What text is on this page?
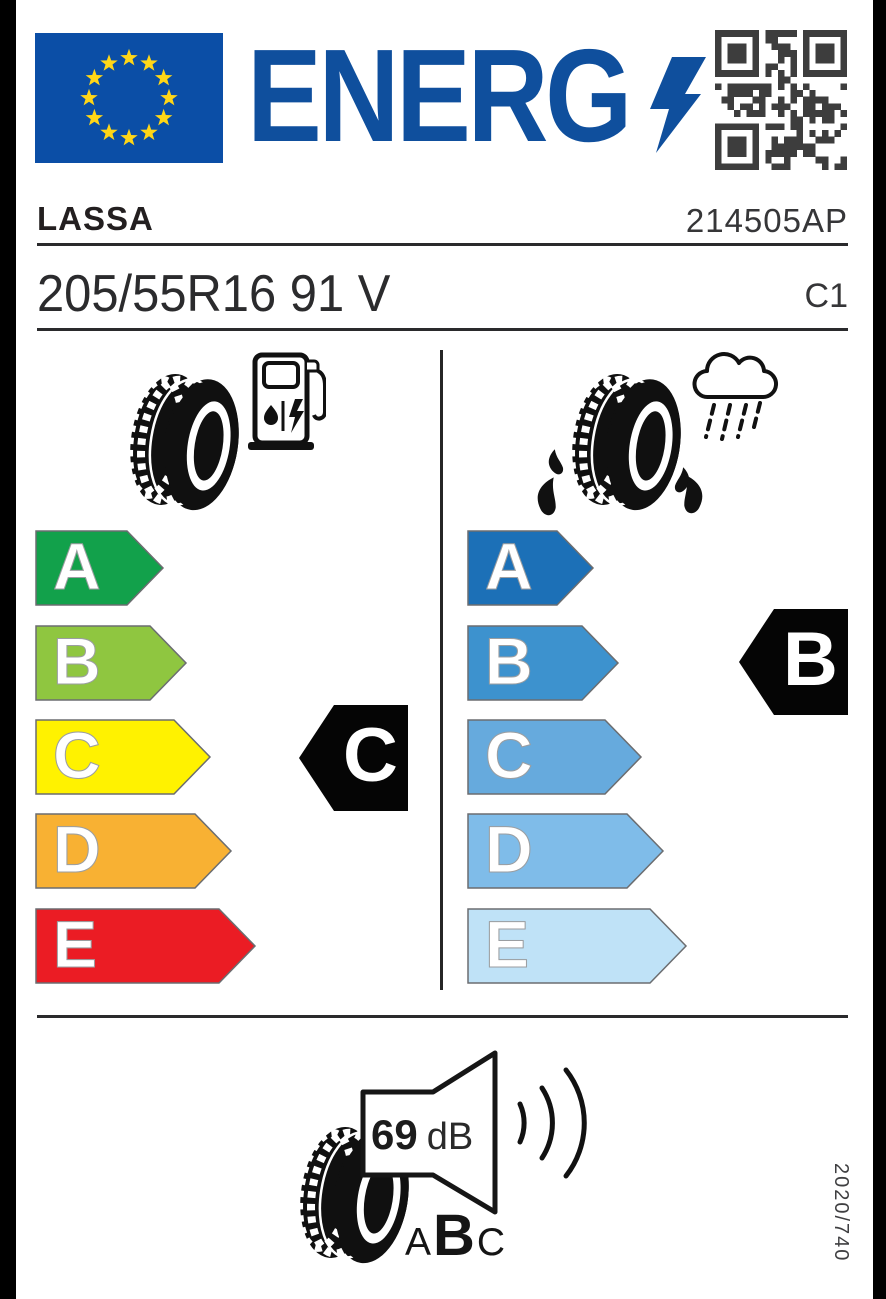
ENERG
LASSA	214505AP
205/55R16 91 V	C1
A
B
C
D
E
A
B
C
D
E
C
B
69 dB
A B C	2020/740
